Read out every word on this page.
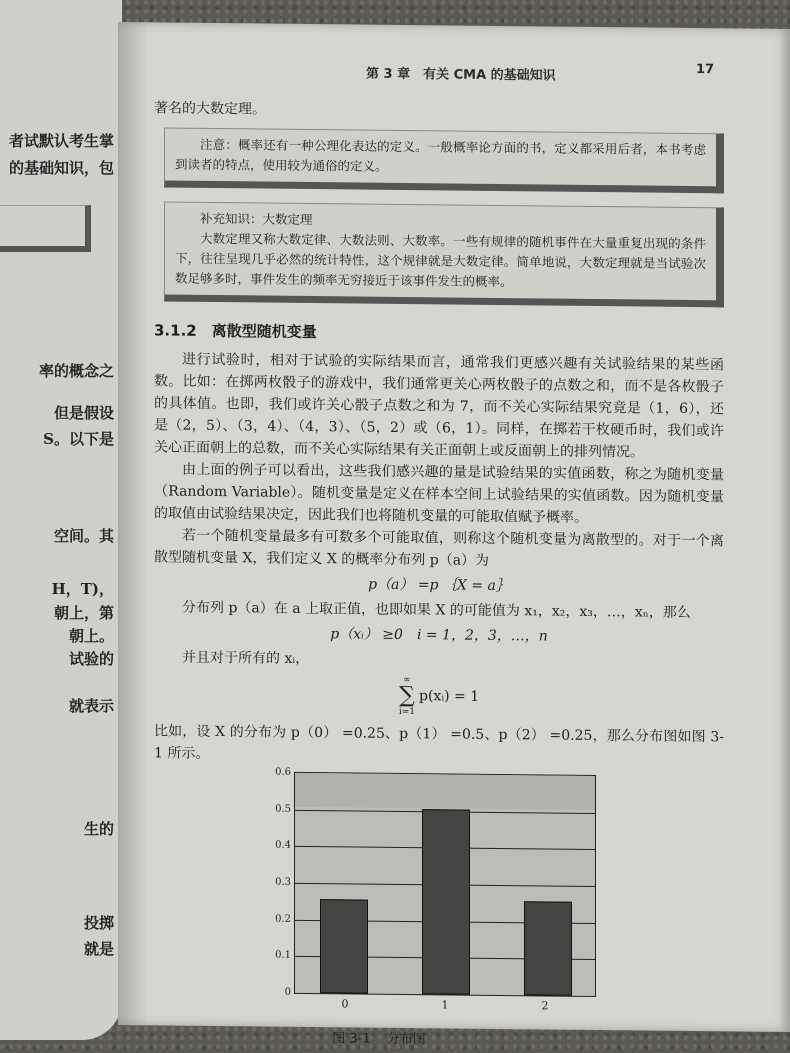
者试默认考生掌
的基础知识，包
率的概念之
但是假设
S。以下是
空间。其
H，T)，
朝上，第
朝上。
试验的
就表示
生的
投掷
就是
第 3 章　有关 CMA 的基础知识	17

著名的大数定理。

注意：概率还有一种公理化表达的定义。一般概率论方面的书，定义都采用后者，本书考虑到读者的特点，使用较为通俗的定义。

补充知识：大数定理

大数定理又称大数定律、大数法则、大数率。一些有规律的随机事件在大量重复出现的条件下，往往呈现几乎必然的统计特性，这个规律就是大数定律。简单地说，大数定理就是当试验次数足够多时，事件发生的频率无穷接近于该事件发生的概率。

3.1.2　离散型随机变量

进行试验时，相对于试验的实际结果而言，通常我们更感兴趣有关试验结果的某些函数。比如：在掷两枚骰子的游戏中，我们通常更关心两枚骰子的点数之和，而不是各枚骰子的具体值。也即，我们或许关心骰子点数之和为 7，而不关心实际结果究竟是（1，6），还是（2，5）、（3，4）、（4，3）、（5，2）或（6，1）。同样，在掷若干枚硬币时，我们或许关心正面朝上的总数，而不关心实际结果有关正面朝上或反面朝上的排列情况。

由上面的例子可以看出，这些我们感兴趣的量是试验结果的实值函数，称之为随机变量（Random Variable）。随机变量是定义在样本空间上试验结果的实值函数。因为随机变量的取值由试验结果决定，因此我们也将随机变量的可能取值赋予概率。

若一个随机变量最多有可数多个可能取值，则称这个随机变量为离散型的。对于一个离散型随机变量 X，我们定义 X 的概率分布列 p（a）为

p（a） =p ｛X = a｝

分布列 p（a）在 a 上取正值，也即如果 X 的可能值为 x₁，x₂，x₃，…，xₙ，那么

p（xᵢ） ≥0　i = 1，2，3，…，n

并且对于所有的 xᵢ，

∞
∑
i=1
p(xᵢ) = 1

比如，设 X 的分布为 p（0） =0.25、p（1） =0.5、p（2） =0.25，那么分布图如图 3-1 所示。

0
0.1
0.2
0.3
0.4
0.5
0.6
0	1	2
图 3-1 分布图
